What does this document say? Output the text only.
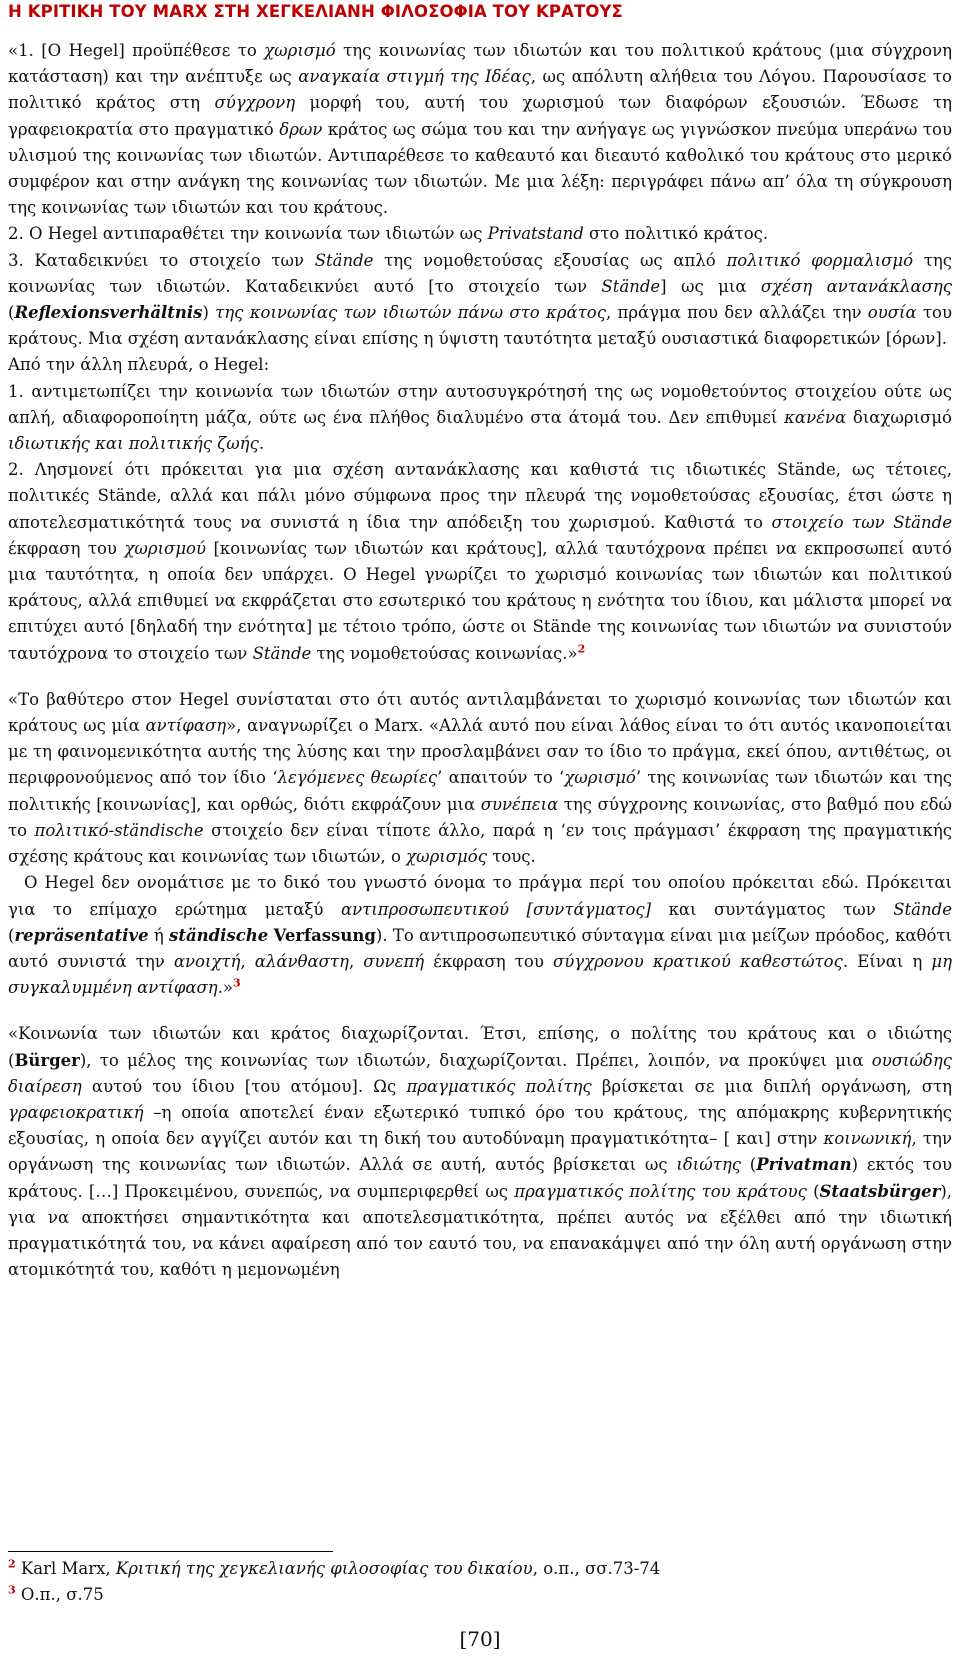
Η ΚΡΙΤΙΚΗ ΤΟΥ MARX ΣΤΗ ΧΕΓΚΕΛΙΑΝΗ ΦΙΛΟΣΟΦΙΑ ΤΟΥ ΚΡΑΤΟΥΣ

«1. [Ο Hegel] προϋπέθεσε το χωρισμό της κοινωνίας των ιδιωτών και του πολιτικού κράτους (μια σύγχρονη κατάσταση) και την ανέπτυξε ως αναγκαία στιγμή της Ιδέας, ως απόλυτη αλήθεια του Λόγου. Παρουσίασε το πολιτικό κράτος στη σύγχρονη μορφή του, αυτή του χωρισμού των διαφόρων εξουσιών. Έδωσε τη γραφειοκρατία στο πραγματικό δρων κράτος ως σώμα του και την ανήγαγε ως γιγνώσκον πνεύμα υπεράνω του υλισμού της κοινωνίας των ιδιωτών. Αντιπαρέθεσε το καθεαυτό και διεαυτό καθολικό του κράτους στο μερικό συμφέρον και στην ανάγκη της κοινωνίας των ιδιωτών. Με μια λέξη: περιγράφει πάνω απ’ όλα τη σύγκρουση της κοινωνίας των ιδιωτών και του κράτους.

2. Ο Hegel αντιπαραθέτει την κοινωνία των ιδιωτών ως Privatstand στο πολιτικό κράτος.

3. Καταδεικνύει το στοιχείο των Stände της νομοθετούσας εξουσίας ως απλό πολιτικό φορμαλισμό της κοινωνίας των ιδιωτών. Καταδεικνύει αυτό [το στοιχείο των Stände] ως μια σχέση αντανάκλασης (Reflexionsverhältnis) της κοινωνίας των ιδιωτών πάνω στο κράτος, πράγμα που δεν αλλάζει την ουσία του κράτους. Μια σχέση αντανάκλασης είναι επίσης η ύψιστη ταυτότητα μεταξύ ουσιαστικά διαφορετικών [όρων].

Από την άλλη πλευρά, ο Hegel:

1. αντιμετωπίζει την κοινωνία των ιδιωτών στην αυτοσυγκρότησή της ως νομοθετούντος στοιχείου ούτε ως απλή, αδιαφοροποίητη μάζα, ούτε ως ένα πλήθος διαλυμένο στα άτομά του. Δεν επιθυμεί κανένα διαχωρισμό ιδιωτικής και πολιτικής ζωής.

2. Λησμονεί ότι πρόκειται για μια σχέση αντανάκλασης και καθιστά τις ιδιωτικές Stände, ως τέτοιες, πολιτικές Stände, αλλά και πάλι μόνο σύμφωνα προς την πλευρά της νομοθετούσας εξουσίας, έτσι ώστε η αποτελεσματικότητά τους να συνιστά η ίδια την απόδειξη του χωρισμού. Καθιστά το στοιχείο των Stände έκφραση του χωρισμού [κοινωνίας των ιδιωτών και κράτους], αλλά ταυτόχρονα πρέπει να εκπροσωπεί αυτό μια ταυτότητα, η οποία δεν υπάρχει. Ο Hegel γνωρίζει το χωρισμό κοινωνίας των ιδιωτών και πολιτικού κράτους, αλλά επιθυμεί να εκφράζεται στο εσωτερικό του κράτους η ενότητα του ίδιου, και μάλιστα μπορεί να επιτύχει αυτό [δηλαδή την ενότητα] με τέτοιο τρόπο, ώστε οι Stände της κοινωνίας των ιδιωτών να συνιστούν ταυτόχρονα το στοιχείο των Stände της νομοθετούσας κοινωνίας.»$^2$

«Το βαθύτερο στον Hegel συνίσταται στο ότι αυτός αντιλαμβάνεται το χωρισμό κοινωνίας των ιδιωτών και κράτους ως μία αντίφαση», αναγνωρίζει ο Marx. «Αλλά αυτό που είναι λάθος είναι το ότι αυτός ικανοποιείται με τη φαινομενικότητα αυτής της λύσης και την προσλαμβάνει σαν το ίδιο το πράγμα, εκεί όπου, αντιθέτως, οι περιφρονούμενος από τον ίδιο ‘λεγόμενες θεωρίες’ απαιτούν το ‘χωρισμό’ της κοινωνίας των ιδιωτών και της πολιτικής [κοινωνίας], και ορθώς, διότι εκφράζουν μια συνέπεια της σύγχρονης κοινωνίας, στο βαθμό που εδώ το πολιτικό-ständische στοιχείο δεν είναι τίποτε άλλο, παρά η ‘εν τοις πράγμασι’ έκφραση της πραγματικής σχέσης κράτους και κοινωνίας των ιδιωτών, ο χωρισμός τους.

Ο Hegel δεν ονομάτισε με το δικό του γνωστό όνομα το πράγμα περί του οποίου πρόκειται εδώ. Πρόκειται για το επίμαχο ερώτημα μεταξύ αντιπροσωπευτικού [συντάγματος] και συντάγματος των Stände (repräsentative ή ständische Verfassung). Το αντιπροσωπευτικό σύνταγμα είναι μια μείζων πρόοδος, καθότι αυτό συνιστά την ανοιχτή, αλάνθαστη, συνεπή έκφραση του σύγχρονου κρατικού καθεστώτος. Είναι η μη συγκαλυμμένη αντίφαση.»$^3$

«Κοινωνία των ιδιωτών και κράτος διαχωρίζονται. Έτσι, επίσης, ο πολίτης του κράτους και ο ιδιώτης (Bürger), το μέλος της κοινωνίας των ιδιωτών, διαχωρίζονται. Πρέπει, λοιπόν, να προκύψει μια ουσιώδης διαίρεση αυτού του ίδιου [του ατόμου]. Ως πραγματικός πολίτης βρίσκεται σε μια διπλή οργάνωση, στη γραφειοκρατική –η οποία αποτελεί έναν εξωτερικό τυπικό όρο του κράτους, της απόμακρης κυβερνητικής εξουσίας, η οποία δεν αγγίζει αυτόν και τη δική του αυτοδύναμη πραγματικότητα– [ και] στην κοινωνική, την οργάνωση της κοινωνίας των ιδιωτών. Αλλά σε αυτή, αυτός βρίσκεται ως ιδιώτης (Privatman) εκτός του κράτους. […] Προκειμένου, συνεπώς, να συμπεριφερθεί ως πραγματικός πολίτης του κράτους (Staatsbürger), για να αποκτήσει σημαντικότητα και αποτελεσματικότητα, πρέπει αυτός να εξέλθει από την ιδιωτική πραγματικότητά του, να κάνει αφαίρεση από τον εαυτό του, να επανακάμψει από την όλη αυτή οργάνωση στην ατομικότητά του, καθότι η μεμονωμένη

$^2$ Karl Marx, Κριτική της χεγκελιανής φιλοσοφίας του δικαίου, ο.π., σσ.73-74

$^3$ Ο.π., σ.75

[70]
